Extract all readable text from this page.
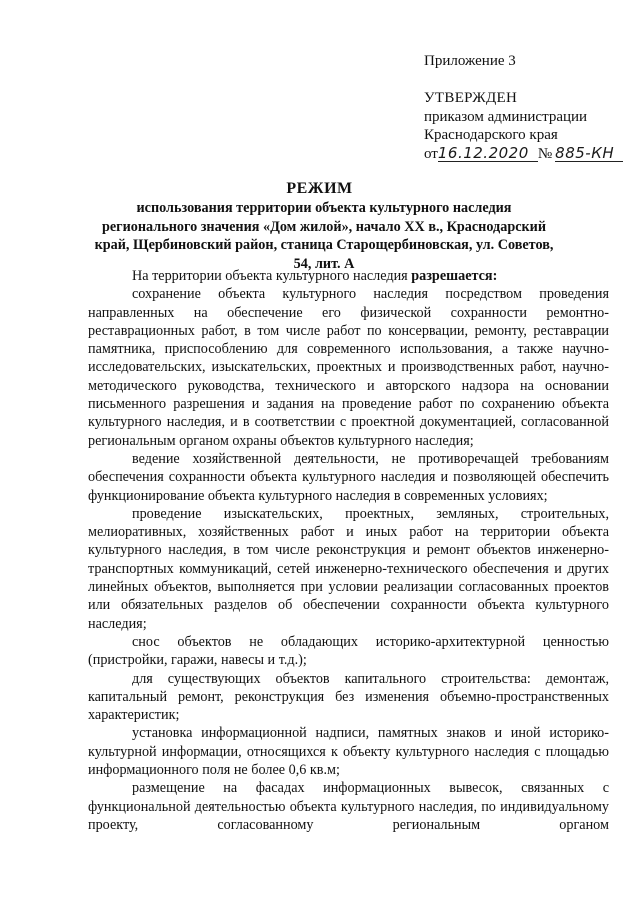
Приложение 3
УТВЕРЖДЕН
приказом администрации
Краснодарского края
от16.12.2020 № 885-КН
РЕЖИМ
использования территории объекта культурного наследия регионального значения «Дом жилой», начало XX в., Краснодарский край, Щербиновский район, станица Старощербиновская, ул. Советов, 54, лит. А

На территории объекта культурного наследия разрешается:

сохранение объекта культурного наследия посредством проведения направленных на обеспечение его физической сохранности ремонтно-реставрационных работ, в том числе работ по консервации, ремонту, реставрации памятника, приспособлению для современного использования, а также научно-исследовательских, изыскательских, проектных и производственных работ, научно-методического руководства, технического и авторского надзора на основании письменного разрешения и задания на проведение работ по сохранению объекта культурного наследия, и в соответствии с проектной документацией, согласованной региональным органом охраны объектов культурного наследия;

ведение хозяйственной деятельности, не противоречащей требованиям обеспечения сохранности объекта культурного наследия и позволяющей обеспечить функционирование объекта культурного наследия в современных условиях;

проведение изыскательских, проектных, земляных, строительных, мелиоративных, хозяйственных работ и иных работ на территории объекта культурного наследия, в том числе реконструкция и ремонт объектов инженерно-транспортных коммуникаций, сетей инженерно-технического обеспечения и других линейных объектов, выполняется при условии реализации согласованных проектов или обязательных разделов об обеспечении сохранности объекта культурного наследия;

снос объектов не обладающих историко-архитектурной ценностью (пристройки, гаражи, навесы и т.д.);

для существующих объектов капитального строительства: демонтаж, капитальный ремонт, реконструкция без изменения объемно-пространственных характеристик;

установка информационной надписи, памятных знаков и иной историко-культурной информации, относящихся к объекту культурного наследия с площадью информационного поля не более 0,6 кв.м;

размещение на фасадах информационных вывесок, связанных с функциональной деятельностью объекта культурного наследия, по индивидуальному проекту, согласованному региональным органом
